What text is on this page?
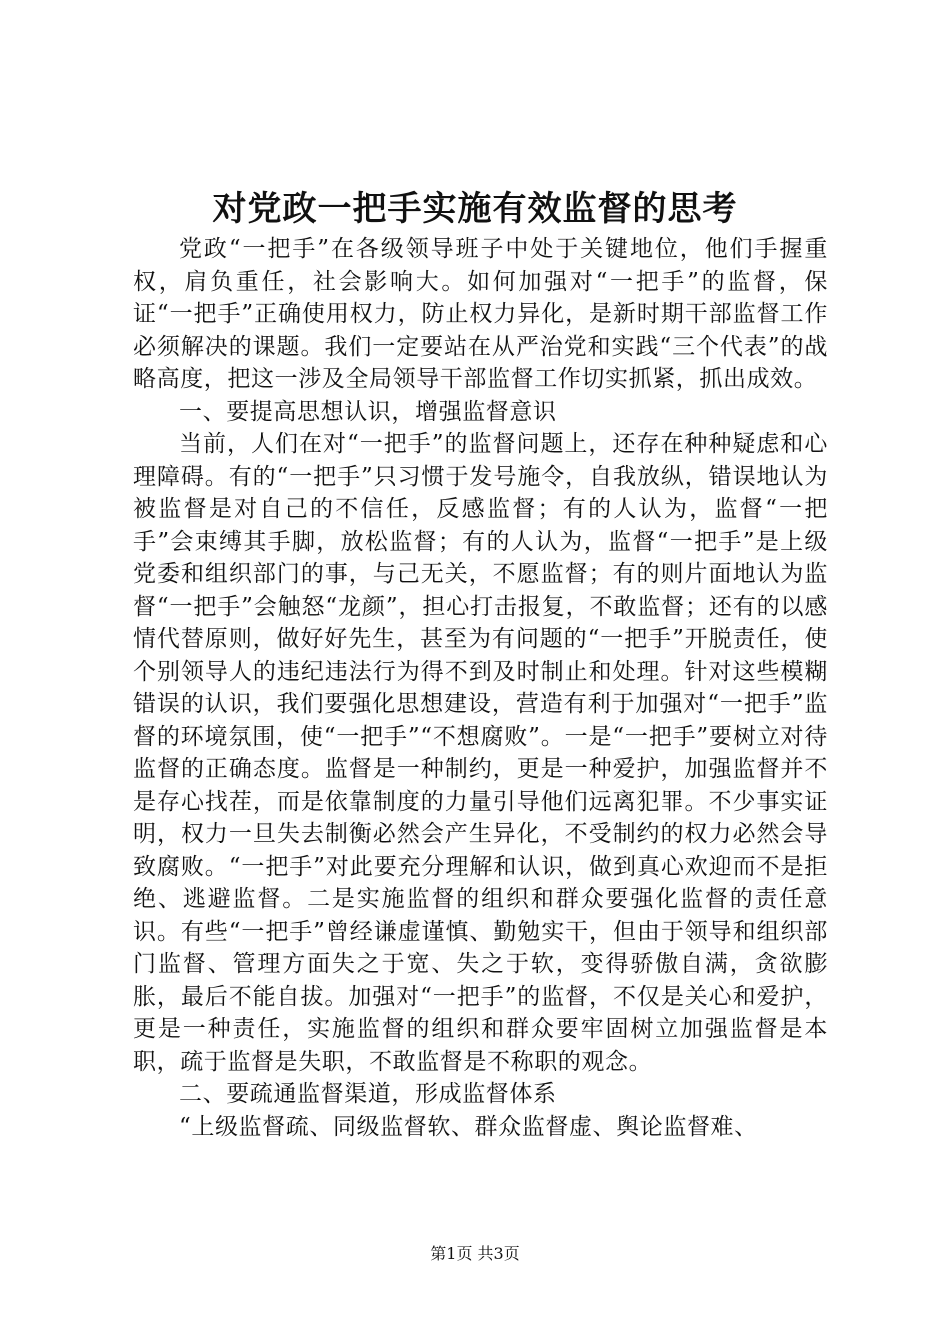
对党政一把手实施有效监督的思考

党政“一把手”在各级领导班子中处于关键地位，他们手握重权，肩负重任，社会影响大。如何加强对“一把手”的监督，保证“一把手”正确使用权力，防止权力异化，是新时期干部监督工作必须解决的课题。我们一定要站在从严治党和实践“三个代表”的战略高度，把这一涉及全局领导干部监督工作切实抓紧，抓出成效。

一、要提高思想认识，增强监督意识

当前，人们在对“一把手”的监督问题上，还存在种种疑虑和心理障碍。有的“一把手”只习惯于发号施令，自我放纵，错误地认为被监督是对自己的不信任，反感监督；有的人认为，监督“一把手”会束缚其手脚，放松监督；有的人认为，监督“一把手”是上级党委和组织部门的事，与己无关，不愿监督；有的则片面地认为监督“一把手”会触怒“龙颜”，担心打击报复，不敢监督；还有的以感情代替原则，做好好先生，甚至为有问题的“一把手”开脱责任，使个别领导人的违纪违法行为得不到及时制止和处理。针对这些模糊错误的认识，我们要强化思想建设，营造有利于加强对“一把手”监督的环境氛围，使“一把手”“不想腐败”。一是“一把手”要树立对待监督的正确态度。监督是一种制约，更是一种爱护，加强监督并不是存心找茬，而是依靠制度的力量引导他们远离犯罪。不少事实证明，权力一旦失去制衡必然会产生异化，不受制约的权力必然会导致腐败。“一把手”对此要充分理解和认识，做到真心欢迎而不是拒绝、逃避监督。二是实施监督的组织和群众要强化监督的责任意识。有些“一把手”曾经谦虚谨慎、勤勉实干，但由于领导和组织部门监督、管理方面失之于宽、失之于软，变得骄傲自满，贪欲膨胀，最后不能自拔。加强对“一把手”的监督，不仅是关心和爱护，更是一种责任，实施监督的组织和群众要牢固树立加强监督是本职，疏于监督是失职，不敢监督是不称职的观念。

二、要疏通监督渠道，形成监督体系

“上级监督疏、同级监督软、群众监督虚、舆论监督难、

第1页 共3页
